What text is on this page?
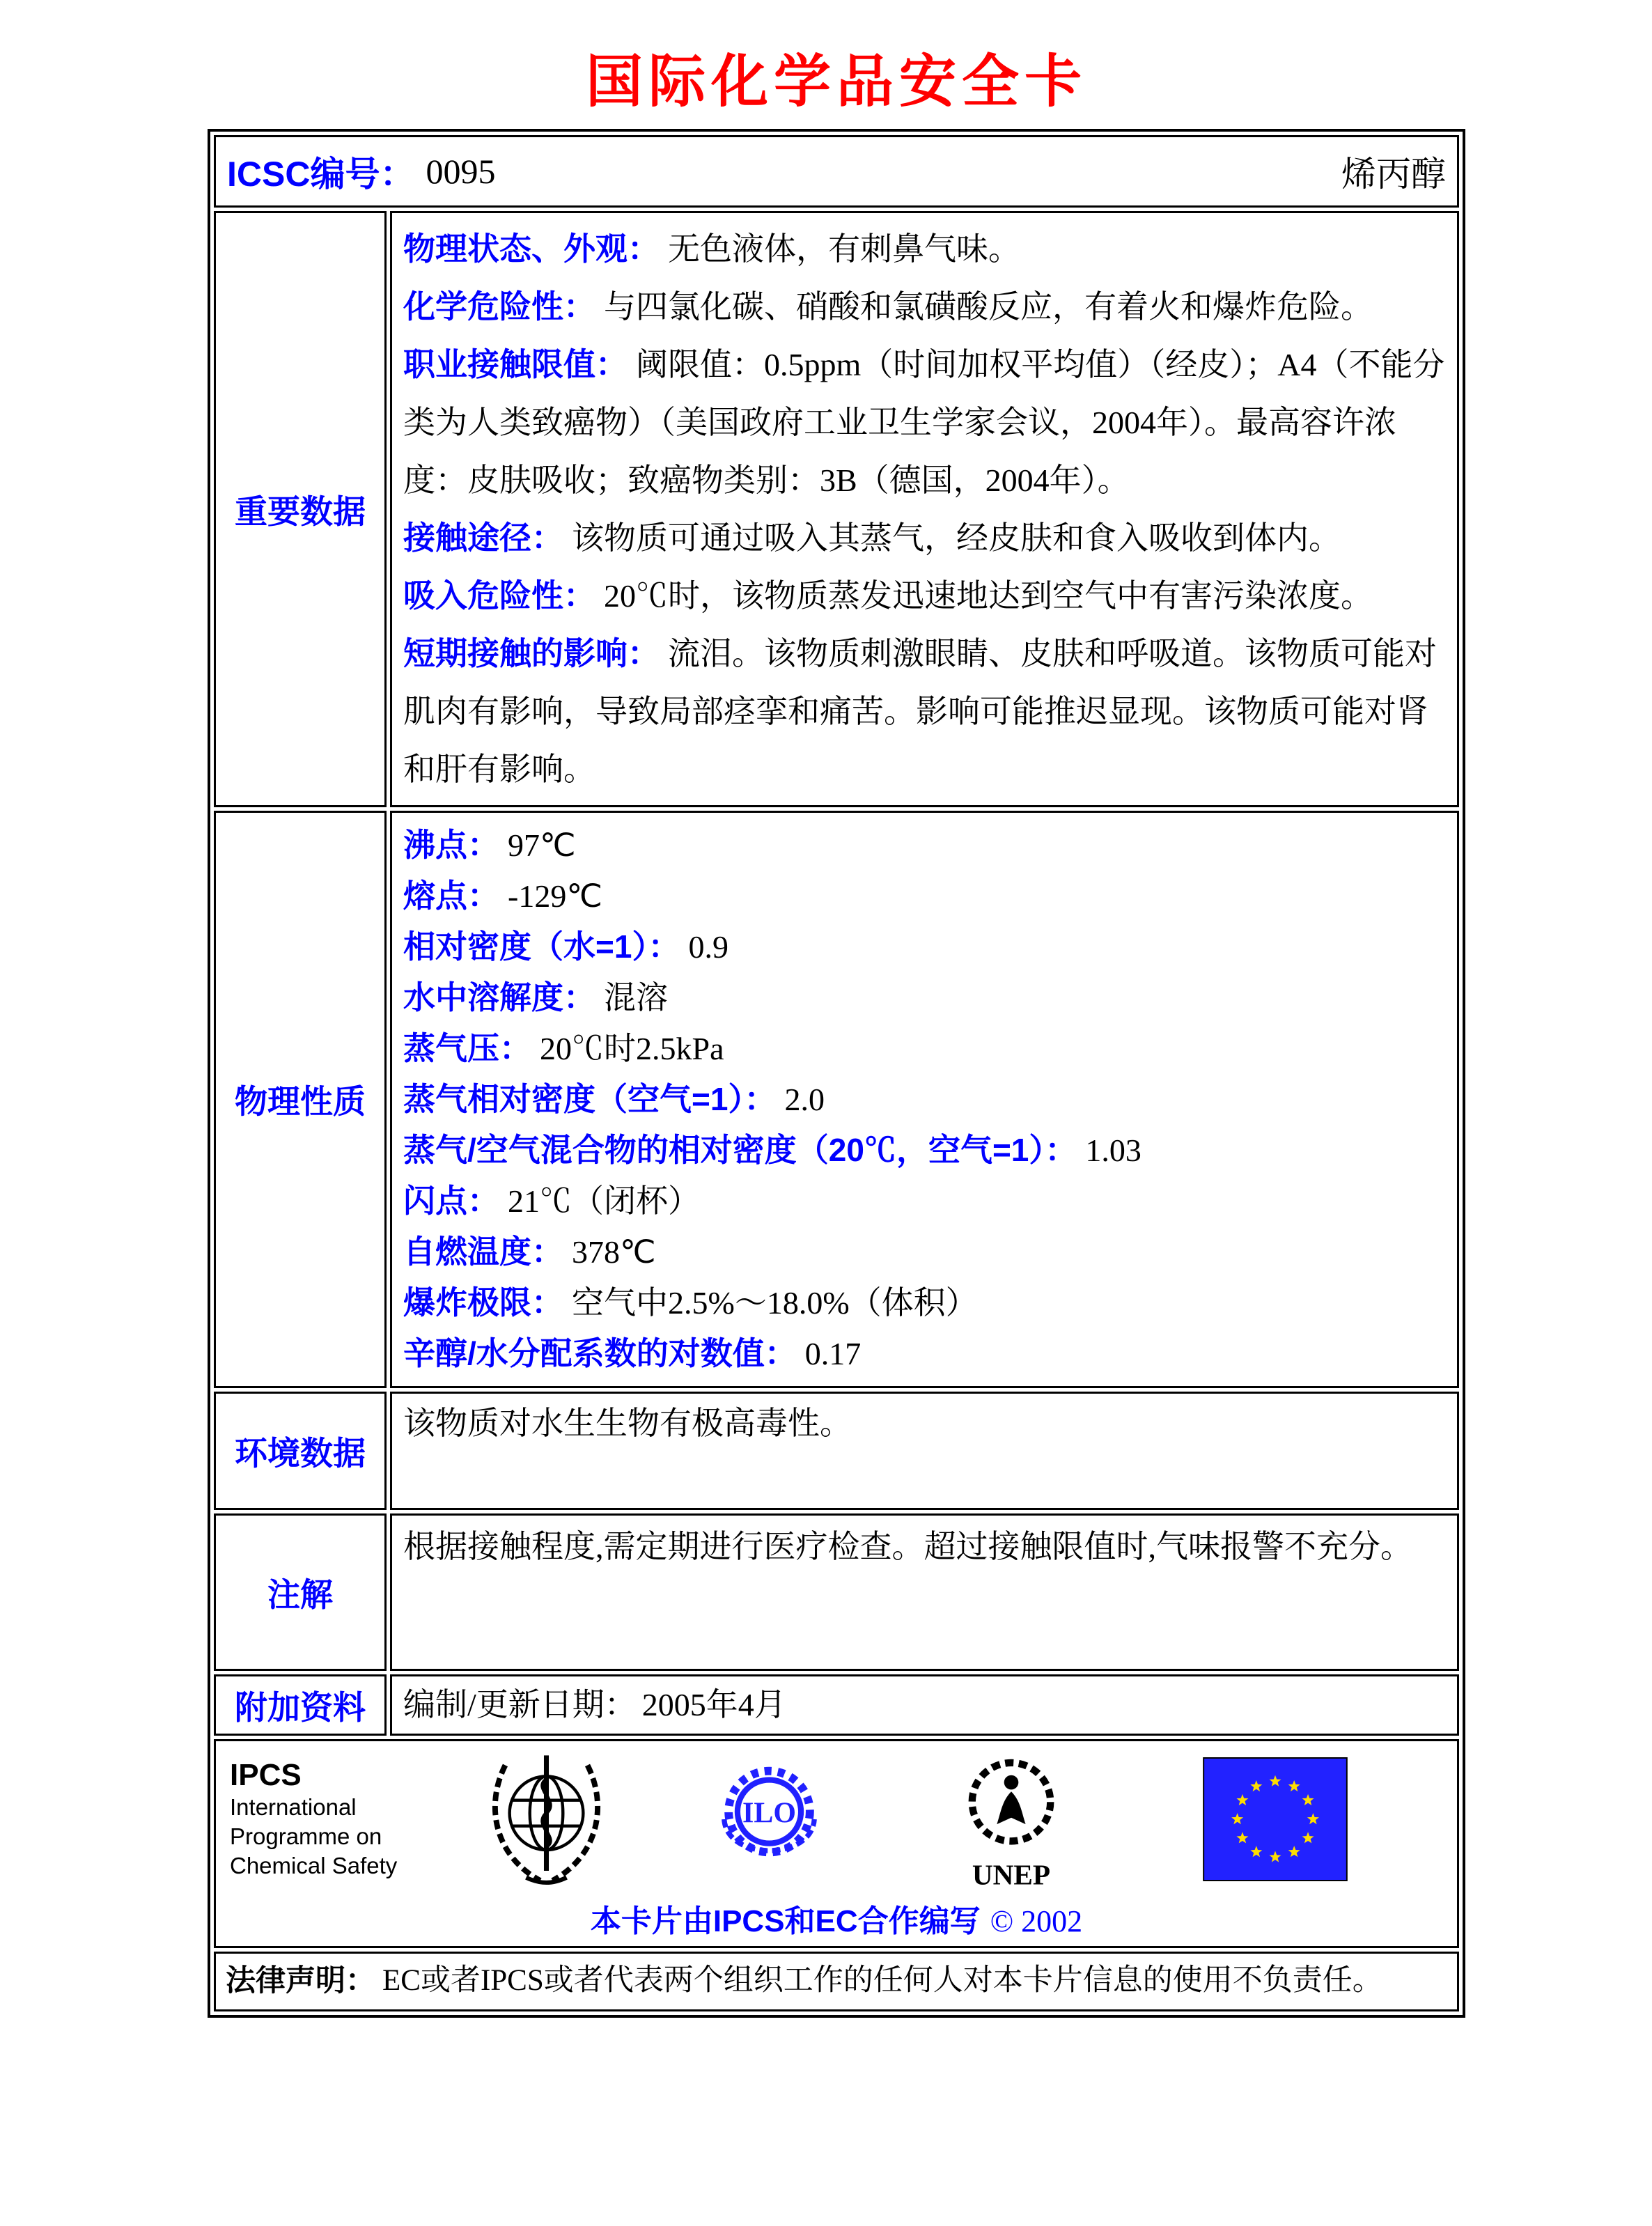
国际化学品安全卡
ICSC编号： 0095	烯丙醇
重要数据

物理状态、外观： 无色液体，有刺鼻气味。

化学危险性： 与四氯化碳、硝酸和氯磺酸反应，有着火和爆炸危险。

职业接触限值： 阈限值：0.5ppm（时间加权平均值）（经皮）；A4（不能分类为人类致癌物）（美国政府工业卫生学家会议，2004年）。最高容许浓度：皮肤吸收；致癌物类别：3B（德国，2004年）。

接触途径： 该物质可通过吸入其蒸气，经皮肤和食入吸收到体内。

吸入危险性： 20℃时，该物质蒸发迅速地达到空气中有害污染浓度。

短期接触的影响： 流泪。该物质刺激眼睛、皮肤和呼吸道。该物质可能对肌肉有影响，导致局部痉挛和痛苦。影响可能推迟显现。该物质可能对肾和肝有影响。

物理性质

沸点： 97℃

熔点： -129℃

相对密度（水=1）： 0.9

水中溶解度： 混溶

蒸气压： 20℃时2.5kPa

蒸气相对密度（空气=1）： 2.0

蒸气/空气混合物的相对密度（20℃，空气=1）： 1.03

闪点： 21℃（闭杯）

自燃温度： 378℃

爆炸极限： 空气中2.5%～18.0%（体积）

辛醇/水分配系数的对数值： 0.17

环境数据

该物质对水生生物有极高毒性。

注解

根据接触程度,需定期进行医疗检查。超过接触限值时,气味报警不充分。

附加资料 编制/更新日期： 2005年4月

IPCS
International
Programme on
Chemical Safety
ILO
UNEP
本卡片由IPCS和EC合作编写 © 2002
法律声明： EC或者IPCS或者代表两个组织工作的任何人对本卡片信息的使用不负责任。
